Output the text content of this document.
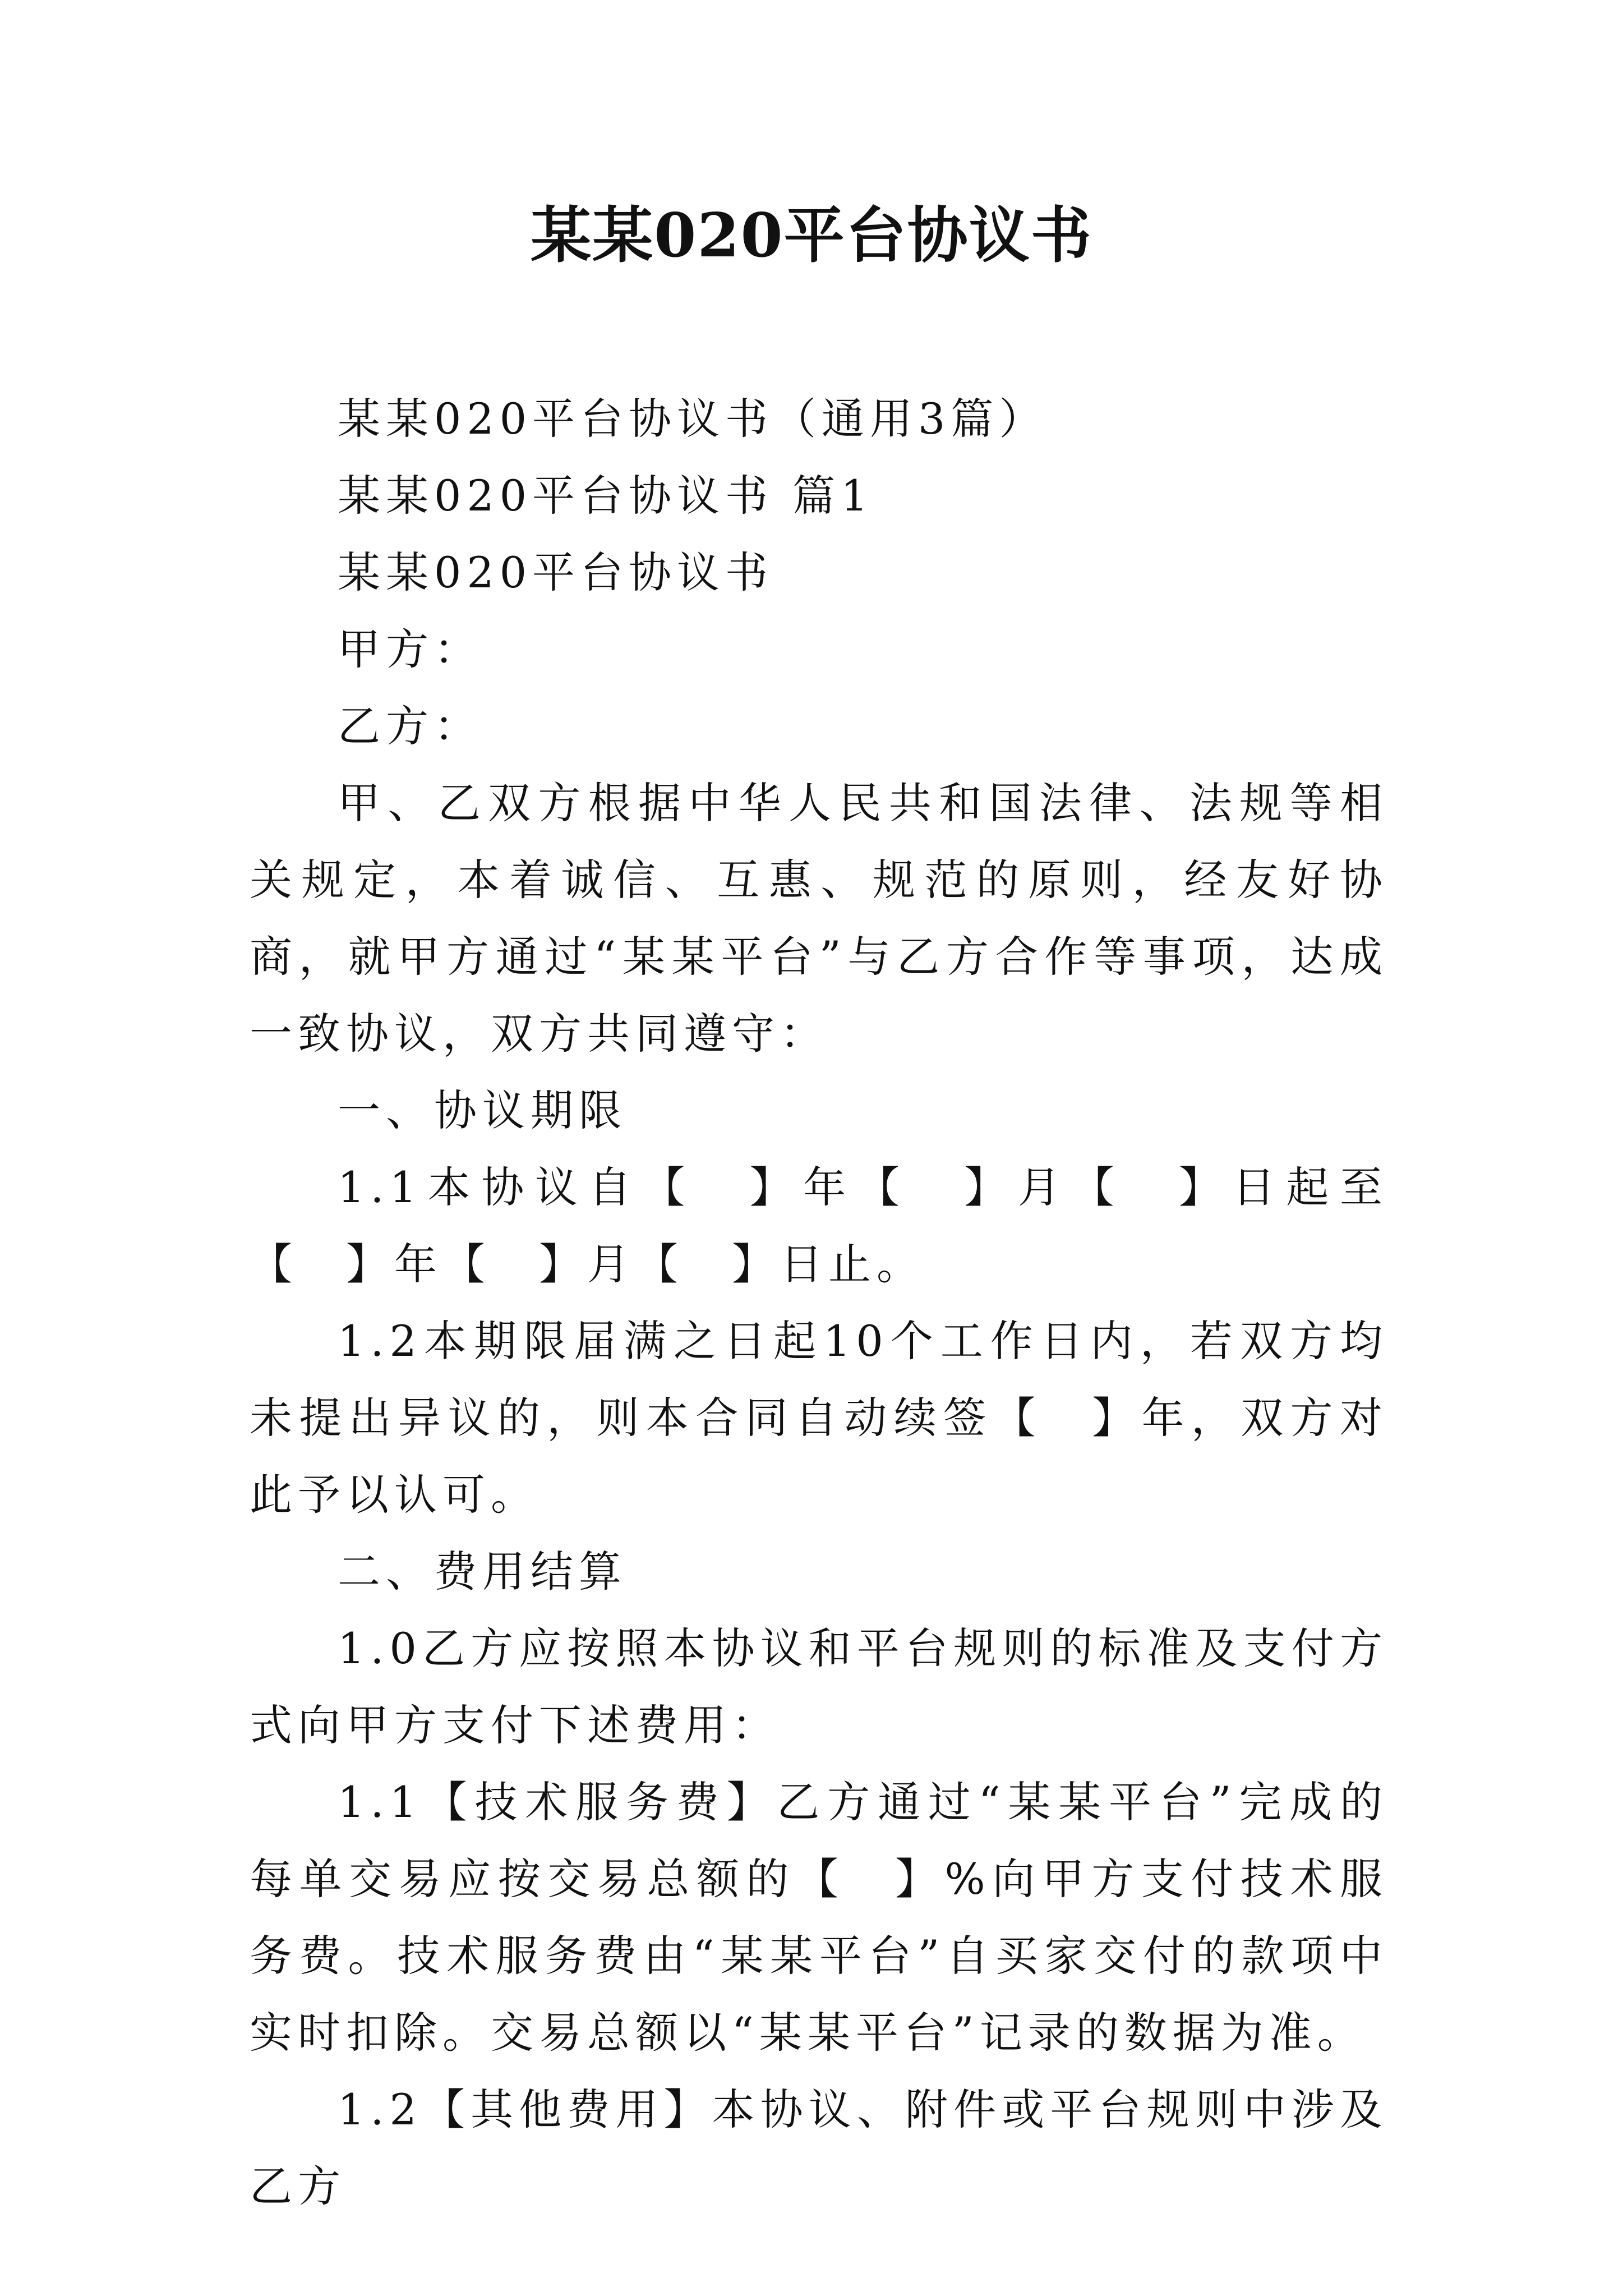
某某020平台协议书

某某020平台协议书（通用3篇）

某某020平台协议书 篇1

某某020平台协议书

甲方：

乙方：

甲、乙双方根据中华人民共和国法律、法规等相关规定，本着诚信、互惠、规范的原则，经友好协商，就甲方通过“某某平台”与乙方合作等事项，达成一致协议，双方共同遵守：

一、协议期限

1.1本协议自【　】年【　】月【　】日起至【　】年【　】月【　】日止。

1.2本期限届满之日起10个工作日内，若双方均未提出异议的，则本合同自动续签【　】年，双方对此予以认可。

二、费用结算

1.0乙方应按照本协议和平台规则的标准及支付方式向甲方支付下述费用：

1.1【技术服务费】乙方通过“某某平台”完成的每单交易应按交易总额的【　】%向甲方支付技术服务费。技术服务费由“某某平台”自买家交付的款项中实时扣除。交易总额以“某某平台”记录的数据为准。

1.2【其他费用】本协议、附件或平台规则中涉及乙方
